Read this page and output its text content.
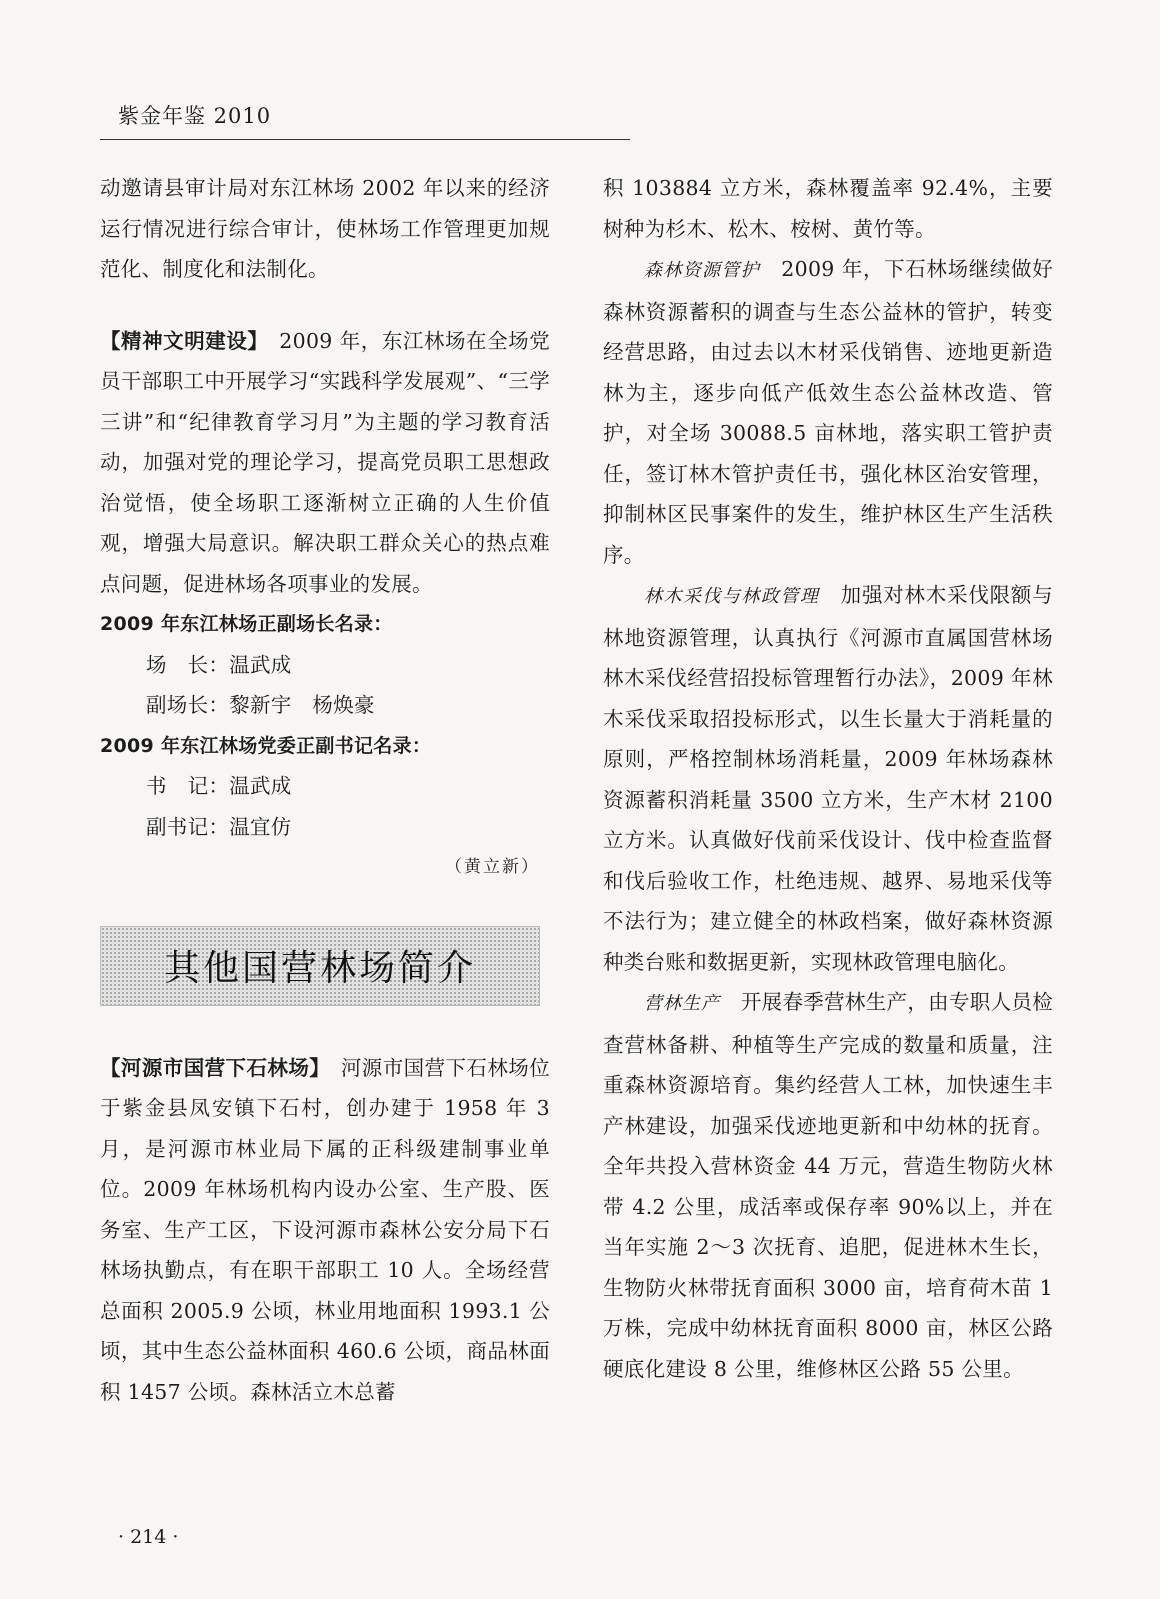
紫金年鉴 2010

动邀请县审计局对东江林场 2002 年以来的经济运行情况进行综合审计，使林场工作管理更加规范化、制度化和法制化。

【精神文明建设】　 2009 年，东江林场在全场党员干部职工中开展学习“实践科学发展观”、“三学三讲”和“纪律教育学习月”为主题的学习教育活动，加强对党的理论学习，提高党员职工思想政治觉悟，使全场职工逐渐树立正确的人生价值观，增强大局意识。解决职工群众关心的热点难点问题，促进林场各项事业的发展。

2009 年东江林场正副场长名录：

场　长：温武成

副场长：黎新宇　杨焕豪

2009 年东江林场党委正副书记名录：

书　记：温武成

副书记：温宜仿

（黄立新）

其他国营林场简介

【河源市国营下石林场】　 河源市国营下石林场位于紫金县凤安镇下石村，创办建于 1958 年 3 月，是河源市林业局下属的正科级建制事业单位。2009 年林场机构内设办公室、生产股、医务室、生产工区，下设河源市森林公安分局下石林场执勤点，有在职干部职工 10 人。全场经营总面积 2005.9 公顷，林业用地面积 1993.1 公顷，其中生态公益林面积 460.6 公顷，商品林面积 1457 公顷。森林活立木总蓄

积 103884 立方米，森林覆盖率 92.4%，主要树种为杉木、松木、桉树、黄竹等。

森林资源管护　 2009 年，下石林场继续做好森林资源蓄积的调查与生态公益林的管护，转变经营思路，由过去以木材采伐销售、迹地更新造林为主，逐步向低产低效生态公益林改造、管护，对全场 30088.5 亩林地，落实职工管护责任，签订林木管护责任书，强化林区治安管理，抑制林区民事案件的发生，维护林区生产生活秩序。

林木采伐与林政管理　 加强对林木采伐限额与林地资源管理，认真执行《河源市直属国营林场林木采伐经营招投标管理暂行办法》，2009 年林木采伐采取招投标形式，以生长量大于消耗量的原则，严格控制林场消耗量，2009 年林场森林资源蓄积消耗量 3500 立方米，生产木材 2100 立方米。认真做好伐前采伐设计、伐中检查监督和伐后验收工作，杜绝违规、越界、易地采伐等不法行为；建立健全的林政档案，做好森林资源种类台账和数据更新，实现林政管理电脑化。

营林生产　 开展春季营林生产，由专职人员检查营林备耕、种植等生产完成的数量和质量，注重森林资源培育。集约经营人工林，加快速生丰产林建设，加强采伐迹地更新和中幼林的抚育。全年共投入营林资金 44 万元，营造生物防火林带 4.2 公里，成活率或保存率 90%以上，并在当年实施 2～3 次抚育、追肥，促进林木生长，生物防火林带抚育面积 3000 亩，培育荷木苗 1 万株，完成中幼林抚育面积 8000 亩，林区公路硬底化建设 8 公里，维修林区公路 55 公里。

· 214 ·
